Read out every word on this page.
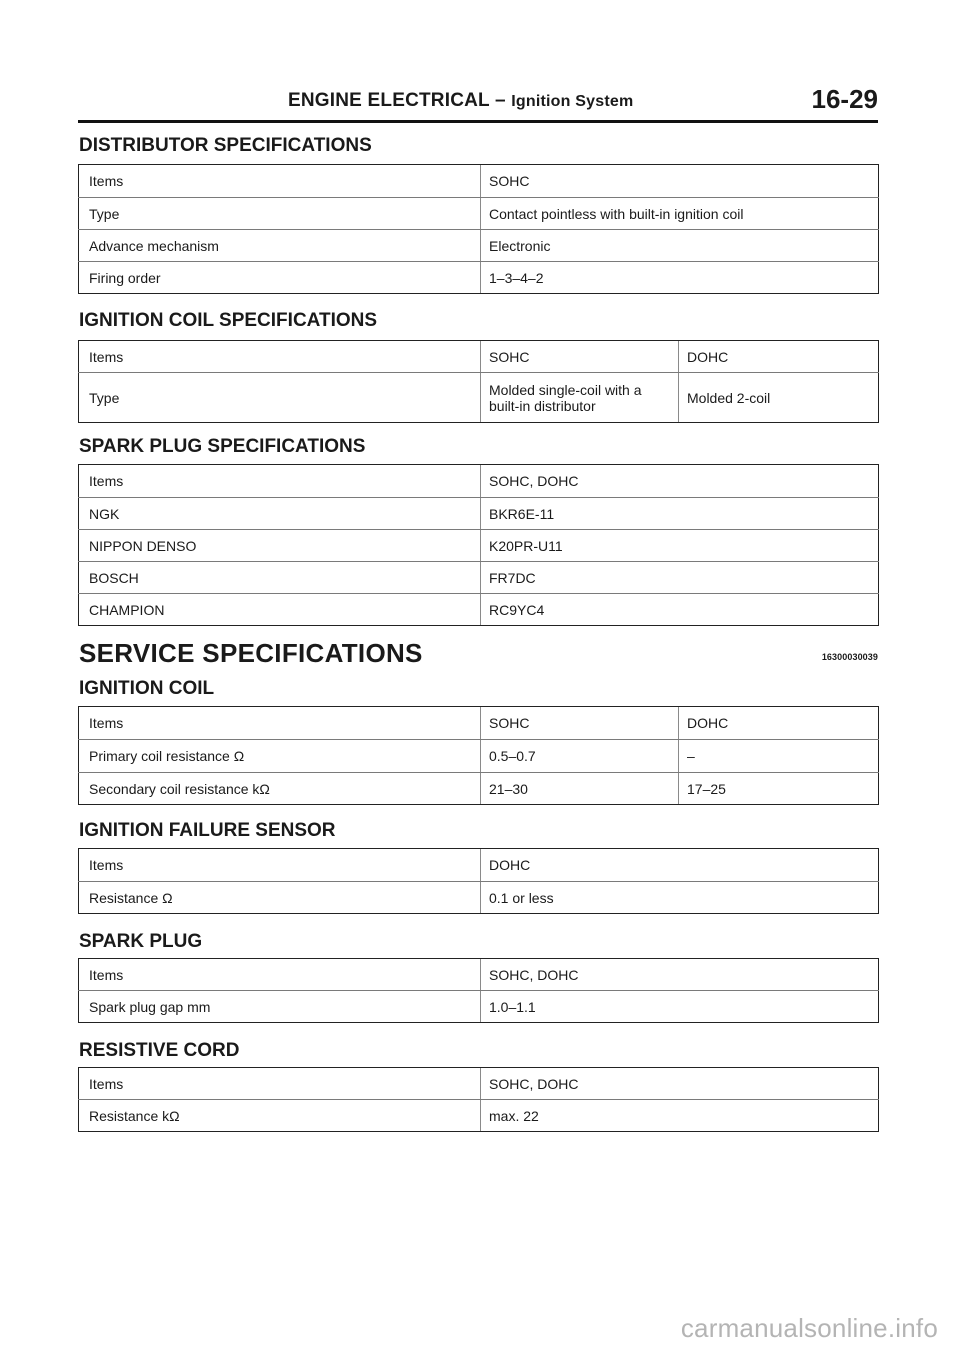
ENGINE ELECTRICAL – Ignition System	16-29
DISTRIBUTOR SPECIFICATIONS
Items	SOHC
Type	Contact pointless with built-in ignition coil
Advance mechanism	Electronic
Firing order	1–3–4–2
IGNITION COIL SPECIFICATIONS
Items	SOHC	DOHC
Type	Molded single-coil with a built-in distributor	Molded 2-coil
SPARK PLUG SPECIFICATIONS
Items	SOHC, DOHC
NGK	BKR6E-11
NIPPON DENSO	K20PR-U11
BOSCH	FR7DC
CHAMPION	RC9YC4
SERVICE SPECIFICATIONS	16300030039
IGNITION COIL
Items	SOHC	DOHC
Primary coil resistance Ω	0.5–0.7	–
Secondary coil resistance kΩ	21–30	17–25
IGNITION FAILURE SENSOR
Items	DOHC
Resistance Ω	0.1 or less
SPARK PLUG
Items	SOHC, DOHC
Spark plug gap mm	1.0–1.1
RESISTIVE CORD
Items	SOHC, DOHC
Resistance kΩ	max. 22
carmanualsonline.info
